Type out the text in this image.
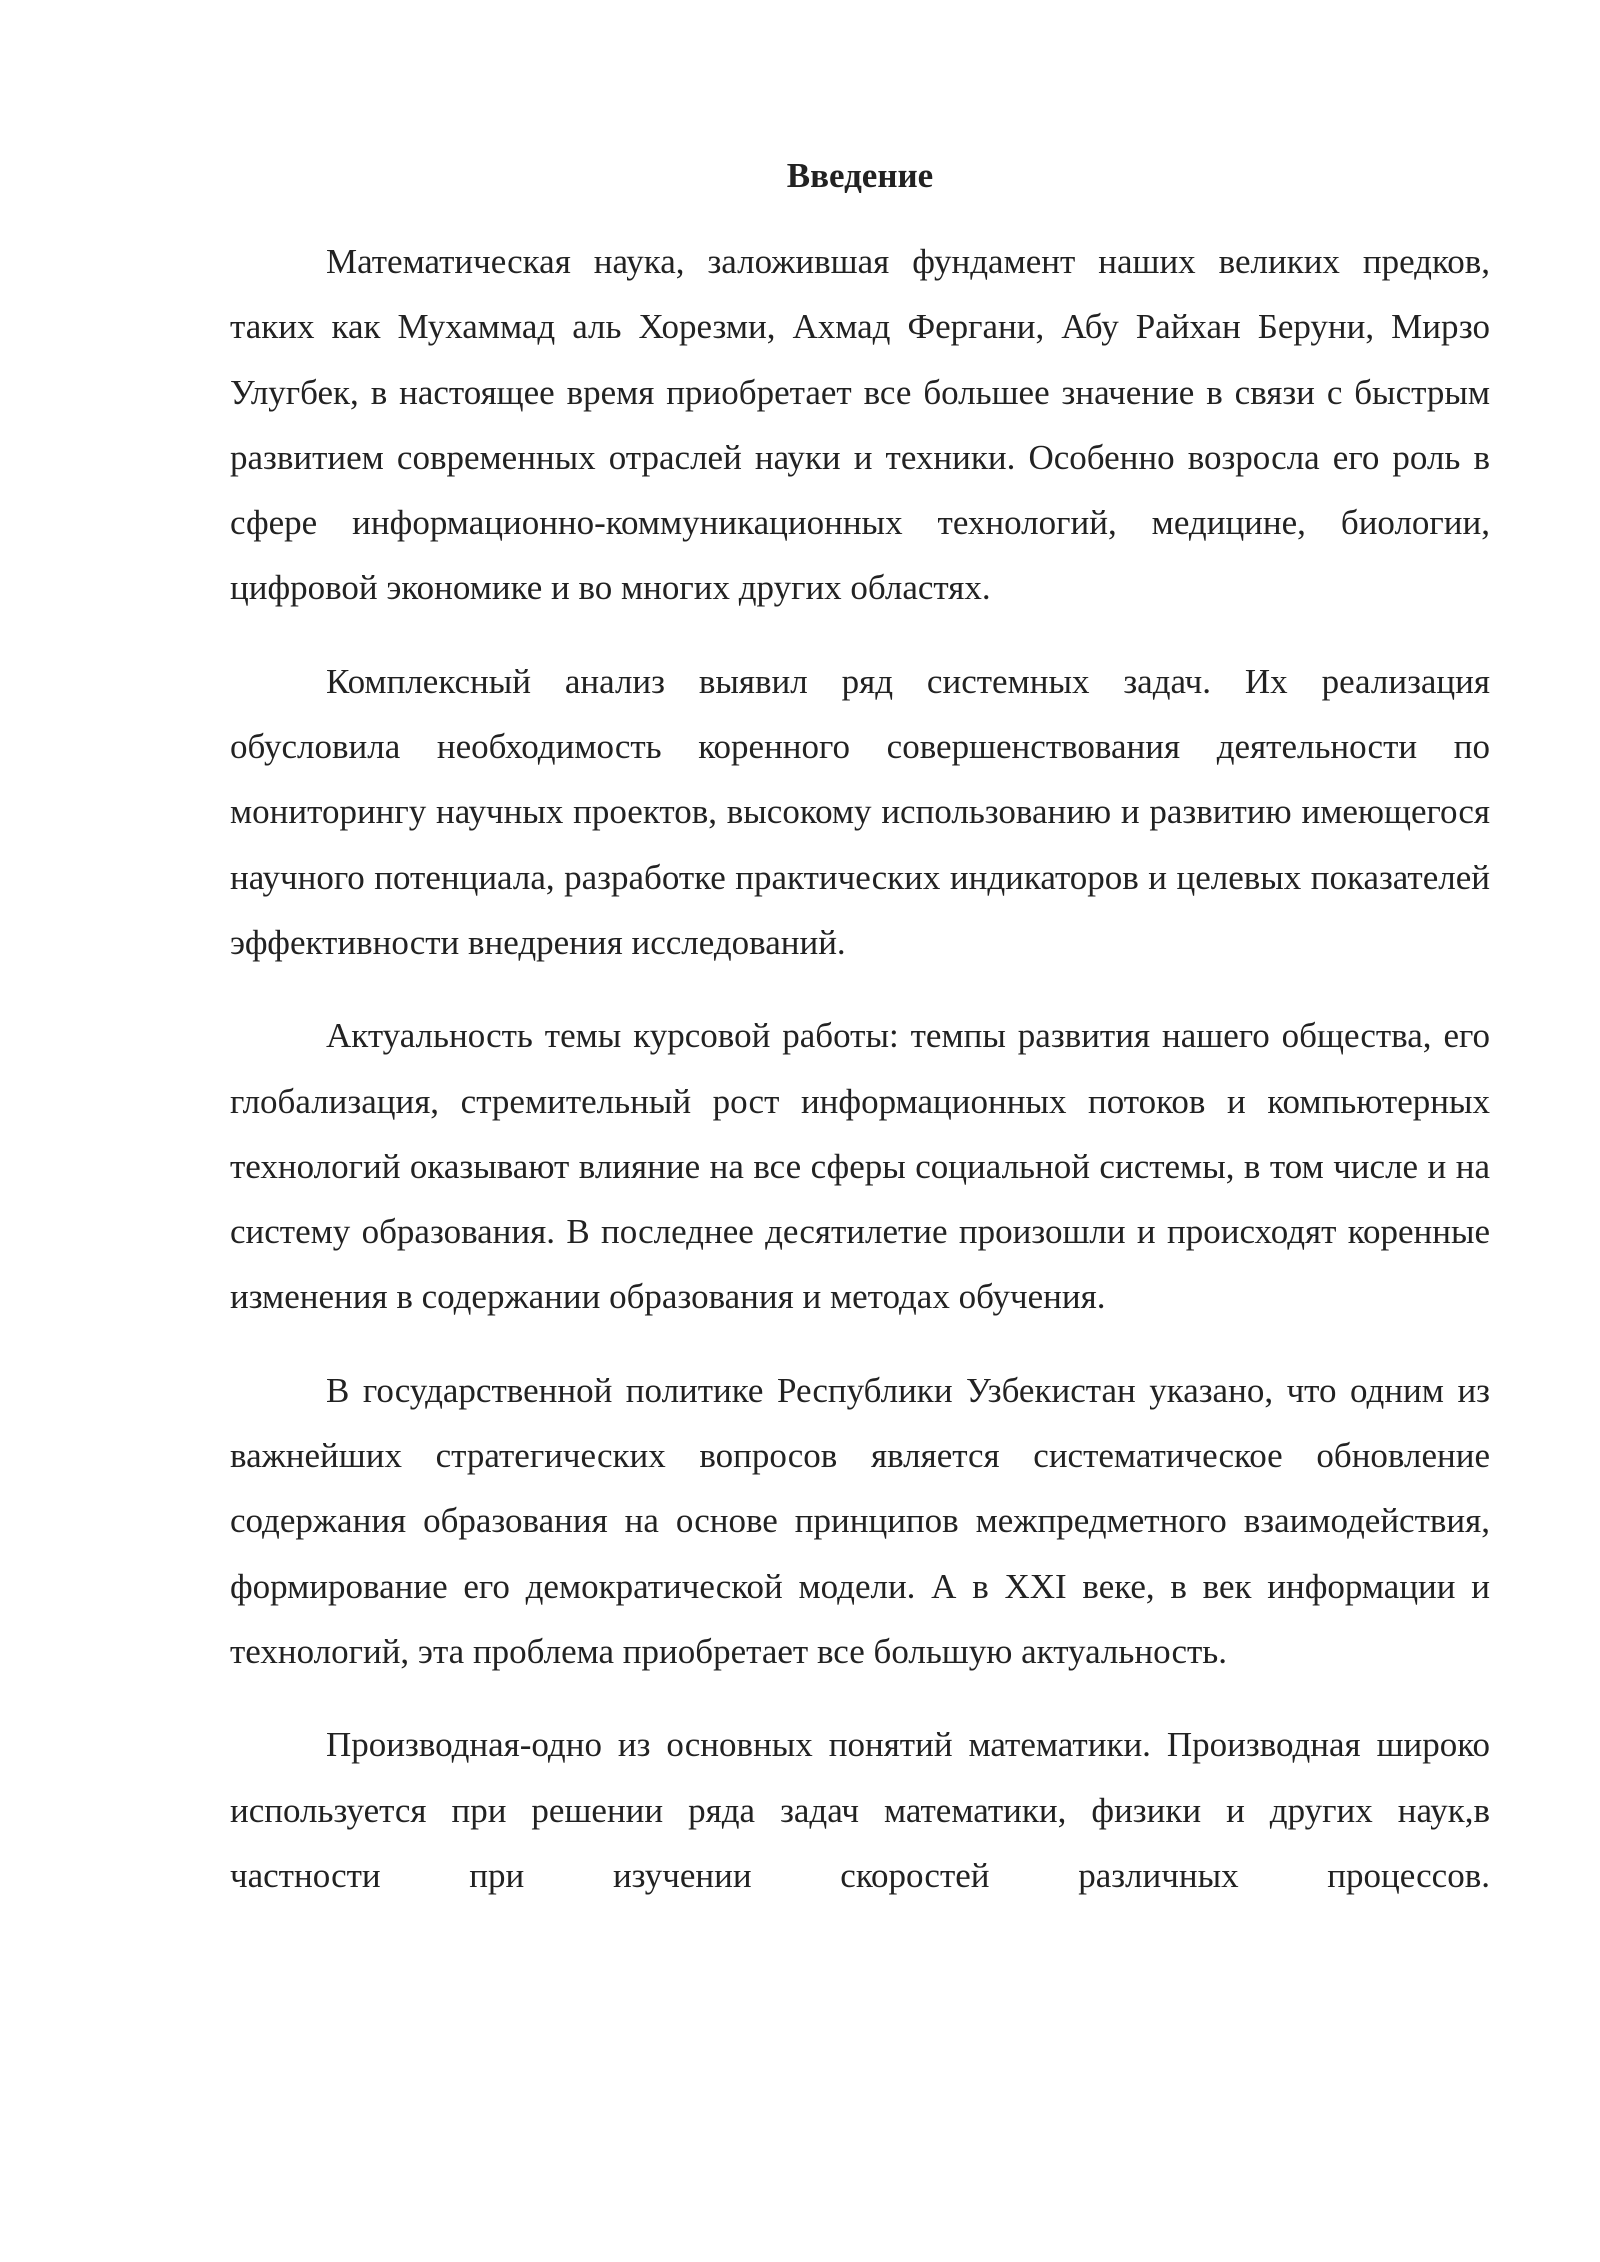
Введение

Математическая наука, заложившая фундамент наших великих предков, таких как Мухаммад аль Хорезми, Ахмад Фергани, Абу Райхан Беруни, Мирзо Улугбек, в настоящее время приобретает все большее значение в связи с быстрым развитием современных отраслей науки и техники. Особенно возросла его роль в сфере информационно-коммуникационных технологий, медицине, биологии, цифровой экономике и во многих других областях.

Комплексный анализ выявил ряд системных задач. Их реализация обусловила необходимость коренного совершенствования деятельности по мониторингу научных проектов, высокому использованию и развитию имеющегося научного потенциала, разработке практических индикаторов и целевых показателей эффективности внедрения исследований.

Актуальность темы курсовой работы: темпы развития нашего общества, его глобализация, стремительный рост информационных потоков и компьютерных технологий оказывают влияние на все сферы социальной системы, в том числе и на систему образования. В последнее десятилетие произошли и происходят коренные изменения в содержании образования и методах обучения.

В государственной политике Республики Узбекистан указано, что одним из важнейших стратегических вопросов является систематическое обновление содержания образования на основе принципов межпредметного взаимодействия, формирование его демократической модели. А в XXI веке, в век информации и технологий, эта проблема приобретает все большую актуальность.

Производная-одно из основных понятий математики. Производная широко используется при решении ряда задач математики, физики и других наук,в частности при изучении скоростей различных процессов.
